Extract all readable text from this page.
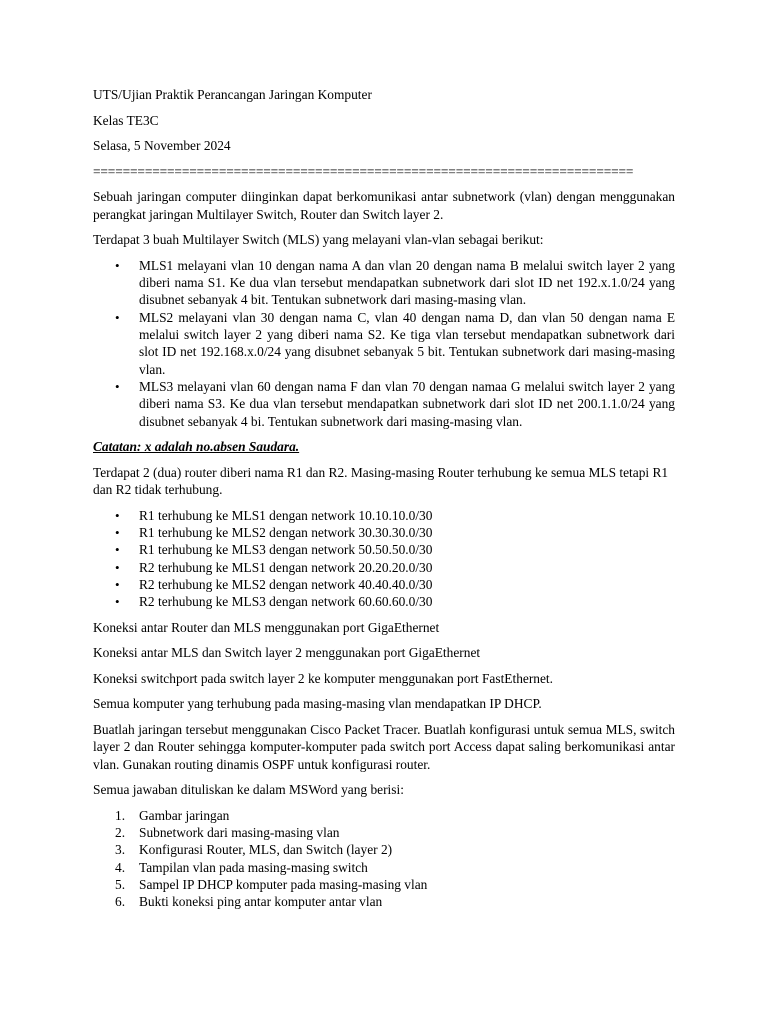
UTS/Ujian Praktik Perancangan Jaringan Komputer

Kelas TE3C

Selasa, 5 November 2024

=========================================================================

Sebuah jaringan computer diinginkan dapat berkomunikasi antar subnetwork (vlan) dengan menggunakan perangkat jaringan Multilayer Switch, Router dan Switch layer 2.

Terdapat 3 buah Multilayer Switch (MLS) yang melayani vlan-vlan sebagai berikut:

• MLS1 melayani vlan 10 dengan nama A dan vlan 20 dengan nama B melalui switch layer 2 yang diberi nama S1. Ke dua vlan tersebut mendapatkan subnetwork dari slot ID net 192.x.1.0/24 yang disubnet sebanyak 4 bit. Tentukan subnetwork dari masing-masing vlan.
• MLS2 melayani vlan 30 dengan nama C, vlan 40 dengan nama D, dan vlan 50 dengan nama E melalui switch layer 2 yang diberi nama S2. Ke tiga vlan tersebut mendapatkan subnetwork dari slot ID net 192.168.x.0/24 yang disubnet sebanyak 5 bit. Tentukan subnetwork dari masing-masing vlan.
• MLS3 melayani vlan 60 dengan nama F dan vlan 70 dengan namaa G melalui switch layer 2 yang diberi nama S3. Ke dua vlan tersebut mendapatkan subnetwork dari slot ID net 200.1.1.0/24 yang disubnet sebanyak 4 bi. Tentukan subnetwork dari masing-masing vlan.

Catatan: x adalah no.absen Saudara.

Terdapat 2 (dua) router diberi nama R1 dan R2. Masing-masing Router terhubung ke semua MLS tetapi R1 dan R2 tidak terhubung.

• R1 terhubung ke MLS1 dengan network 10.10.10.0/30
• R1 terhubung ke MLS2 dengan network 30.30.30.0/30
• R1 terhubung ke MLS3 dengan network 50.50.50.0/30
• R2 terhubung ke MLS1 dengan network 20.20.20.0/30
• R2 terhubung ke MLS2 dengan network 40.40.40.0/30
• R2 terhubung ke MLS3 dengan network 60.60.60.0/30

Koneksi antar Router dan MLS menggunakan port GigaEthernet

Koneksi antar MLS dan Switch layer 2 menggunakan port GigaEthernet

Koneksi switchport pada switch layer 2 ke komputer menggunakan port FastEthernet.

Semua komputer yang terhubung pada masing-masing vlan mendapatkan IP DHCP.

Buatlah jaringan tersebut menggunakan Cisco Packet Tracer. Buatlah konfigurasi untuk semua MLS, switch layer 2 dan Router sehingga komputer-komputer pada switch port Access dapat saling berkomunikasi antar vlan. Gunakan routing dinamis OSPF untuk konfigurasi router.

Semua jawaban dituliskan ke dalam MSWord yang berisi:

1. Gambar jaringan
2. Subnetwork dari masing-masing vlan
3. Konfigurasi Router, MLS, dan Switch (layer 2)
4. Tampilan vlan pada masing-masing switch
5. Sampel IP DHCP komputer pada masing-masing vlan
6. Bukti koneksi ping antar komputer antar vlan
